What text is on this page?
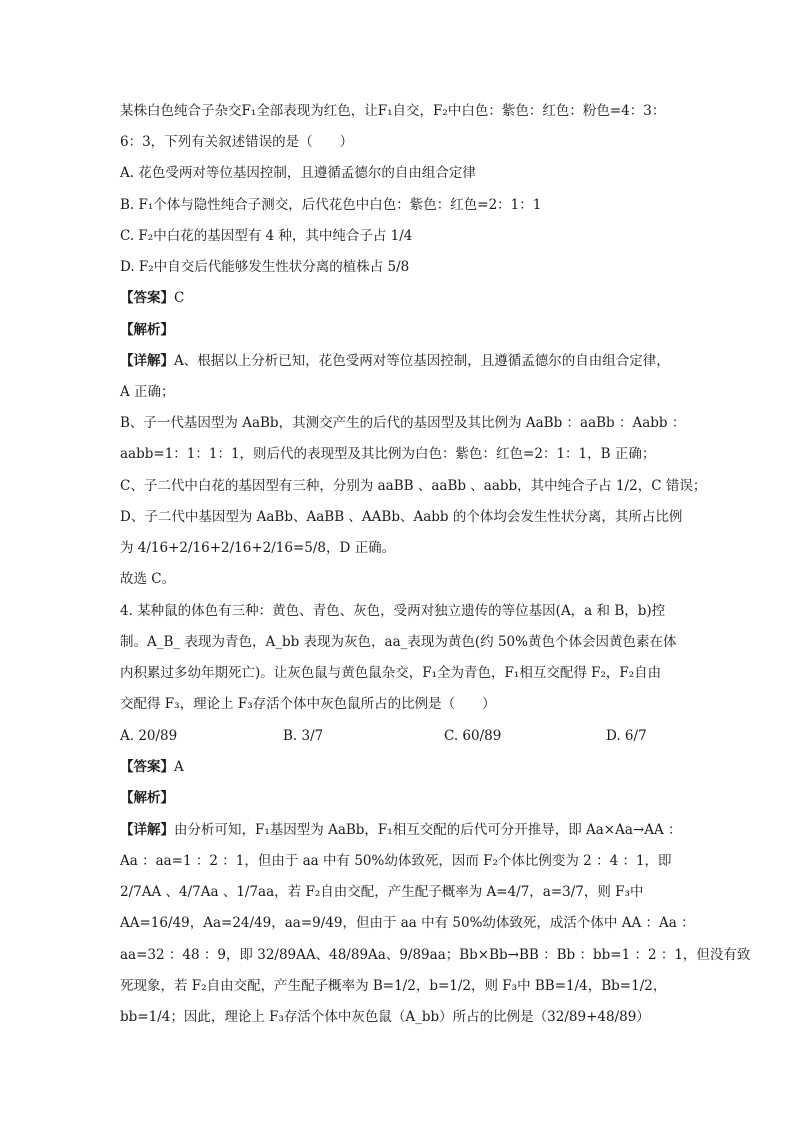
某株白色纯合子杂交F₁全部表现为红色，让F₁自交，F₂中白色：紫色：红色：粉色=4：3：
6：3，下列有关叙述错误的是（　　）
A. 花色受两对等位基因控制，且遵循孟德尔的自由组合定律
B. F₁个体与隐性纯合子测交，后代花色中白色：紫色：红色=2：1：1
C. F₂中白花的基因型有 4 种，其中纯合子占 1/4
D. F₂中自交后代能够发生性状分离的植株占 5/8
【答案】C
【解析】
【详解】A、根据以上分析已知，花色受两对等位基因控制，且遵循孟德尔的自由组合定律，
A 正确；
B、子一代基因型为 AaBb，其测交产生的后代的基因型及其比例为 AaBb ：aaBb ：Aabb ：
aabb=1：1：1：1，则后代的表现型及其比例为白色：紫色：红色=2：1：1，B 正确；
C、子二代中白花的基因型有三种，分别为 aaBB 、aaBb 、aabb，其中纯合子占 1/2，C 错误；
D、子二代中基因型为 AaBb、AaBB 、AABb、Aabb 的个体均会发生性状分离，其所占比例
为 4/16+2/16+2/16+2/16=5/8，D 正确。
故选 C。
4. 某种鼠的体色有三种：黄色、青色、灰色，受两对独立遗传的等位基因(A，a 和 B，b)控
制。A_B_ 表现为青色，A_bb 表现为灰色，aa_表现为黄色(约 50%黄色个体会因黄色素在体
内积累过多幼年期死亡)。让灰色鼠与黄色鼠杂交，F₁全为青色，F₁相互交配得 F₂，F₂自由
交配得 F₃，理论上 F₃存活个体中灰色鼠所占的比例是（　　）
A. 20/89	B. 3/7	C. 60/89	D. 6/7
【答案】A
【解析】
【详解】由分析可知，F₁基因型为 AaBb，F₁相互交配的后代可分开推导，即 Aa×Aa→AA ：
Aa ：aa=1 ：2 ：1，但由于 aa 中有 50%幼体致死，因而 F₂个体比例变为 2 ：4 ：1，即
2/7AA 、4/7Aa 、1/7aa，若 F₂自由交配，产生配子概率为 A=4/7，a=3/7，则 F₃中
AA=16/49，Aa=24/49，aa=9/49，但由于 aa 中有 50%幼体致死，成活个体中 AA ：Aa ：
aa=32 ：48 ：9，即 32/89AA、48/89Aa、9/89aa；Bb×Bb→BB ：Bb ：bb=1 ：2 ：1，但没有致
死现象，若 F₂自由交配，产生配子概率为 B=1/2，b=1/2，则 F₃中 BB=1/4，Bb=1/2，
bb=1/4；因此，理论上 F₃存活个体中灰色鼠（A_bb）所占的比例是（32/89+48/89）
